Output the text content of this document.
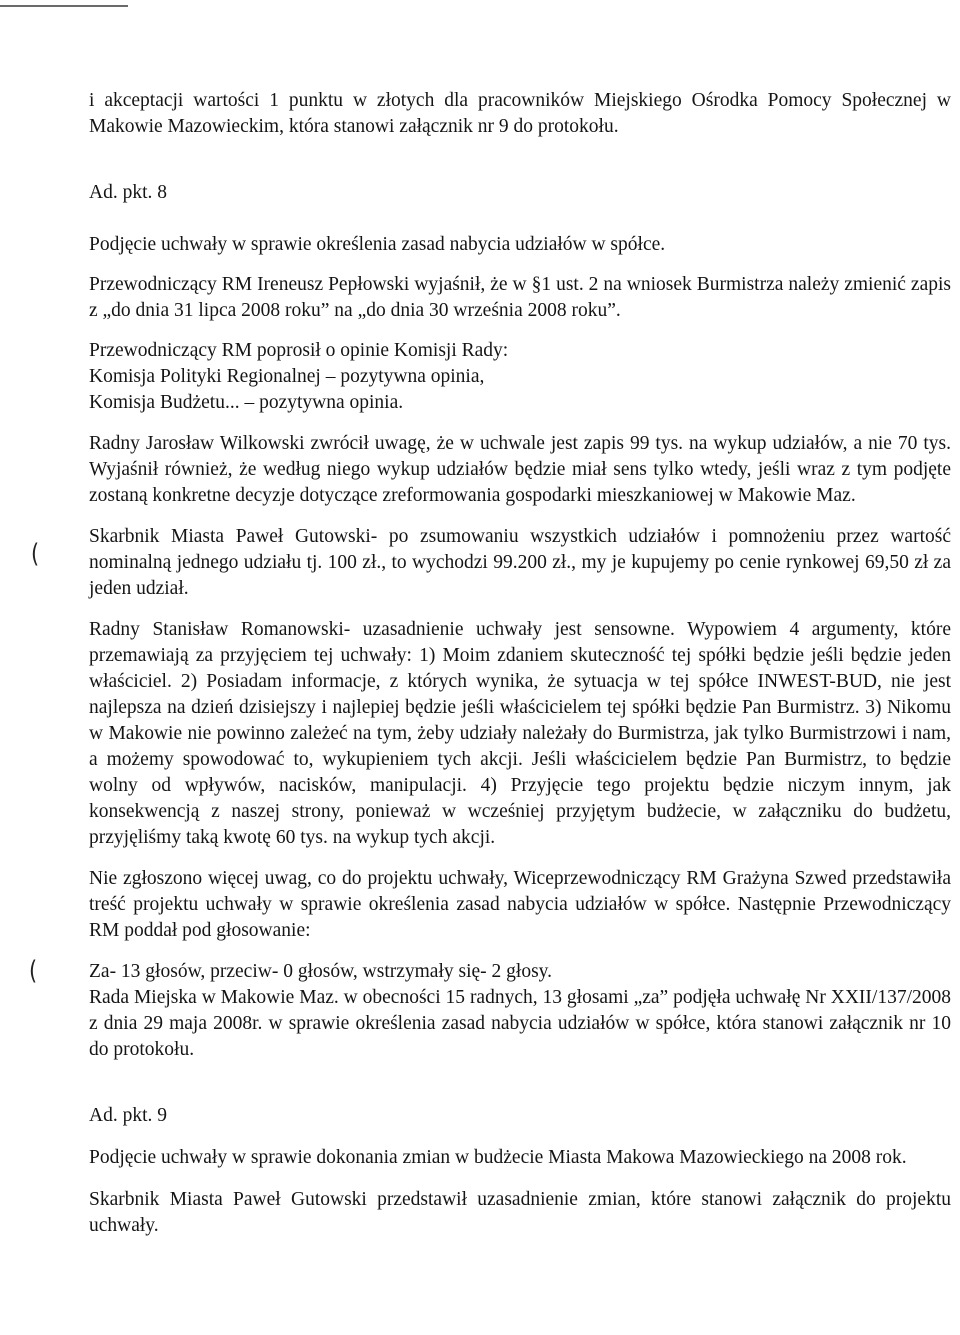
(
(

i akceptacji wartości 1 punktu w złotych dla pracowników Miejskiego Ośrodka Pomocy Społecznej w Makowie Mazowieckim, która stanowi załącznik nr 9 do protokołu.

Ad. pkt. 8

Podjęcie uchwały w sprawie określenia zasad nabycia udziałów w spółce.

Przewodniczący RM Ireneusz Pepłowski wyjaśnił, że w §1 ust. 2 na wniosek Burmistrza należy zmienić zapis z „do dnia 31 lipca 2008 roku” na „do dnia 30 września 2008 roku”.

Przewodniczący RM poprosił o opinie Komisji Rady:

Komisja Polityki Regionalnej – pozytywna opinia,

Komisja Budżetu... – pozytywna opinia.

Radny Jarosław Wilkowski zwrócił uwagę, że w uchwale jest zapis 99 tys. na wykup udziałów, a nie 70 tys. Wyjaśnił również, że według niego wykup udziałów będzie miał sens tylko wtedy, jeśli wraz z tym podjęte zostaną konkretne decyzje dotyczące zreformowania gospodarki mieszkaniowej w Makowie Maz.

Skarbnik Miasta Paweł Gutowski- po zsumowaniu wszystkich udziałów i pomnożeniu przez wartość nominalną jednego udziału tj. 100 zł., to wychodzi 99.200 zł., my je kupujemy po cenie rynkowej 69,50 zł za jeden udział.

Radny Stanisław Romanowski- uzasadnienie uchwały jest sensowne. Wypowiem 4 argumenty, które przemawiają za przyjęciem tej uchwały: 1) Moim zdaniem skuteczność tej spółki będzie jeśli będzie jeden właściciel. 2) Posiadam informacje, z których wynika, że sytuacja w tej spółce INWEST-BUD, nie jest najlepsza na dzień dzisiejszy i najlepiej będzie jeśli właścicielem tej spółki będzie Pan Burmistrz. 3) Nikomu w Makowie nie powinno zależeć na tym, żeby udziały należały do Burmistrza, jak tylko Burmistrzowi i nam, a możemy spowodować to, wykupieniem tych akcji. Jeśli właścicielem będzie Pan Burmistrz, to będzie wolny od wpływów, nacisków, manipulacji. 4) Przyjęcie tego projektu będzie niczym innym, jak konsekwencją z naszej strony, ponieważ w wcześniej przyjętym budżecie, w załączniku do budżetu, przyjęliśmy taką kwotę 60 tys. na wykup tych akcji.

Nie zgłoszono więcej uwag, co do projektu uchwały, Wiceprzewodniczący RM Grażyna Szwed przedstawiła treść projektu uchwały w sprawie określenia zasad nabycia udziałów w spółce. Następnie Przewodniczący RM poddał pod głosowanie:

Za- 13 głosów, przeciw- 0 głosów, wstrzymały się- 2 głosy.

Rada Miejska w Makowie Maz. w obecności 15 radnych, 13 głosami „za” podjęła uchwałę Nr XXII/137/2008 z dnia 29 maja 2008r. w sprawie określenia zasad nabycia udziałów w spółce, która stanowi załącznik nr 10 do protokołu.

Ad. pkt. 9

Podjęcie uchwały w sprawie dokonania zmian w budżecie Miasta Makowa Mazowieckiego na 2008 rok.

Skarbnik Miasta Paweł Gutowski przedstawił uzasadnienie zmian, które stanowi załącznik do projektu uchwały.
